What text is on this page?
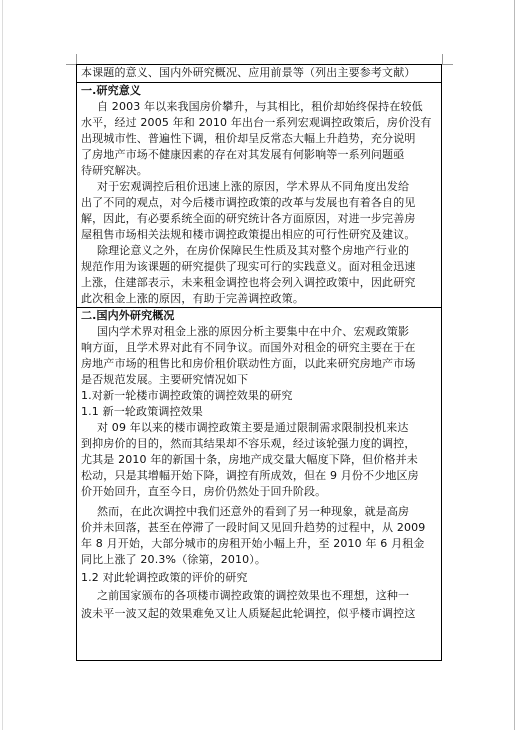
本课题的意义、国内外研究概况、应用前景等（列出主要参考文献）
一.研究意义
自 2003 年以来我国房价攀升，与其相比，租价却始终保持在较低
水平，经过 2005 年和 2010 年出台一系列宏观调控政策后，房价没有
出现城市性、普遍性下调，租价却呈反常态大幅上升趋势，充分说明
了房地产市场不健康因素的存在对其发展有何影响等一系列问题亟
待研究解决。
对于宏观调控后租价迅速上涨的原因，学术界从不同角度出发给
出了不同的观点，对今后楼市调控政策的改革与发展也有着各自的见
解，因此，有必要系统全面的研究统计各方面原因，对进一步完善房
屋租售市场相关法规和楼市调控政策提出相应的可行性研究及建议。
除理论意义之外，在房价保障民生性质及其对整个房地产行业的
规范作用为该课题的研究提供了现实可行的实践意义。面对租金迅速
上涨，住建部表示，未来租金调控也将会列入调控政策中，因此研究
此次租金上涨的原因，有助于完善调控政策。
二.国内外研究概况
国内学术界对租金上涨的原因分析主要集中在中介、宏观政策影
响方面，且学术界对此有不同争议。而国外对租金的研究主要在于在
房地产市场的租售比和房价租价联动性方面，以此来研究房地产市场
是否规范发展。主要研究情况如下
1.对新一轮楼市调控政策的调控效果的研究
1.1 新一轮政策调控效果
对 09 年以来的楼市调控政策主要是通过限制需求限制投机来达
到抑房价的目的，然而其结果却不容乐观，经过该轮强力度的调控，
尤其是 2010 年的新国十条，房地产成交量大幅度下降，但价格并未
松动，只是其增幅开始下降，调控有所成效，但在 9 月份不少地区房
价开始回升，直至今日，房价仍然处于回升阶段。
然而，在此次调控中我们还意外的看到了另一种现象，就是高房
价并未回落，甚至在停滞了一段时间又见回升趋势的过程中，从 2009
年 8 月开始，大部分城市的房租开始小幅上升，至 2010 年 6 月租金
同比上涨了 20.3%（徐第，2010）。
1.2 对此轮调控政策的评价的研究
之前国家颁布的各项楼市调控政策的调控效果也不理想，这种一
波未平一波又起的效果难免又让人质疑起此轮调控，似乎楼市调控这
